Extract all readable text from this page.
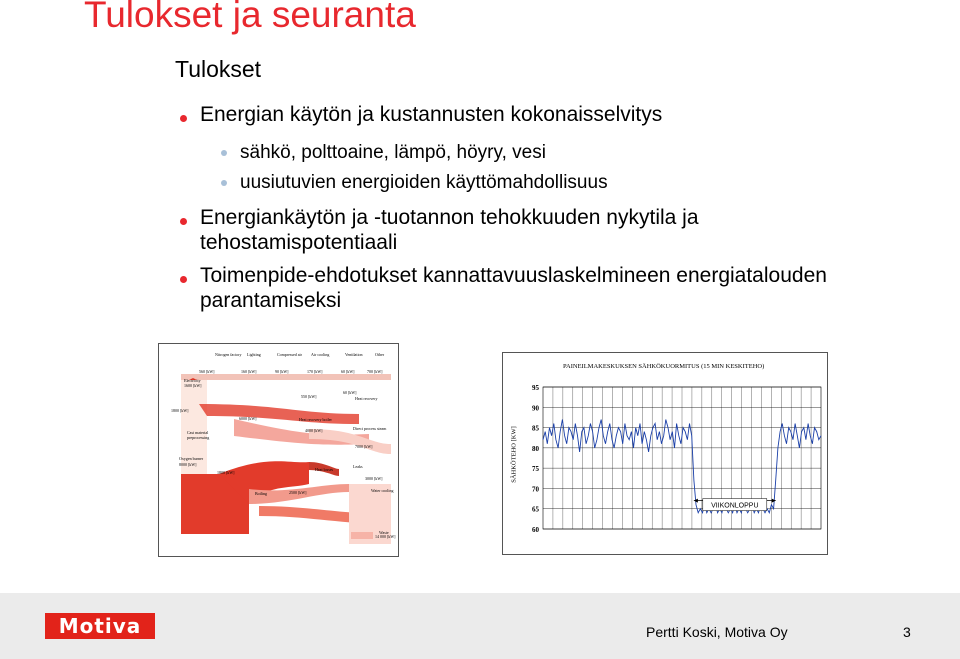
Tulokset ja seuranta
Tulokset
Energian käytön ja kustannusten kokonaisselvitys
sähkö, polttoaine, lämpö, höyry, vesi
uusiutuvien energioiden käyttömahdollisuus
Energiankäytön ja -tuotannon tehokkuuden nykytila ja tehostamispotentiaali
Toimenpide-ehdotukset kannattavuuslaskelmineen energiatalouden parantamiseksi
Nitrogen factory Lighting	Compressed air Air cooling	Ventilation	Other
560 [kW]	160 [kW]	90 [kW]	170 [kW]	60 [kW]	700 [kW]
Electricity
1600 [kW]
Heat recovery
550 [kW]
60 [kW]
1800 [kW]
Heat recovery boiler
6000 [kW]
Direct process steam
4000 [kW]
Cast material preprocessing
7000 [kW]
Oxygen burner
8000 [kW]
Heat losses
Leaks
1800 [kW]
3000 [kW]
Water cooling
Boiling	2500 [kW]
14 000 [kW]
Waste
PAINEILMAKESKUKSEN SÄHKÖKUORMITUS (15 MIN KESKITEHO)
95
90
85
80
75
70
65
60
VIIKONLOPPU
SÄHKÖTEHO [KW]
Motiva	Pertti Koski, Motiva Oy	3
